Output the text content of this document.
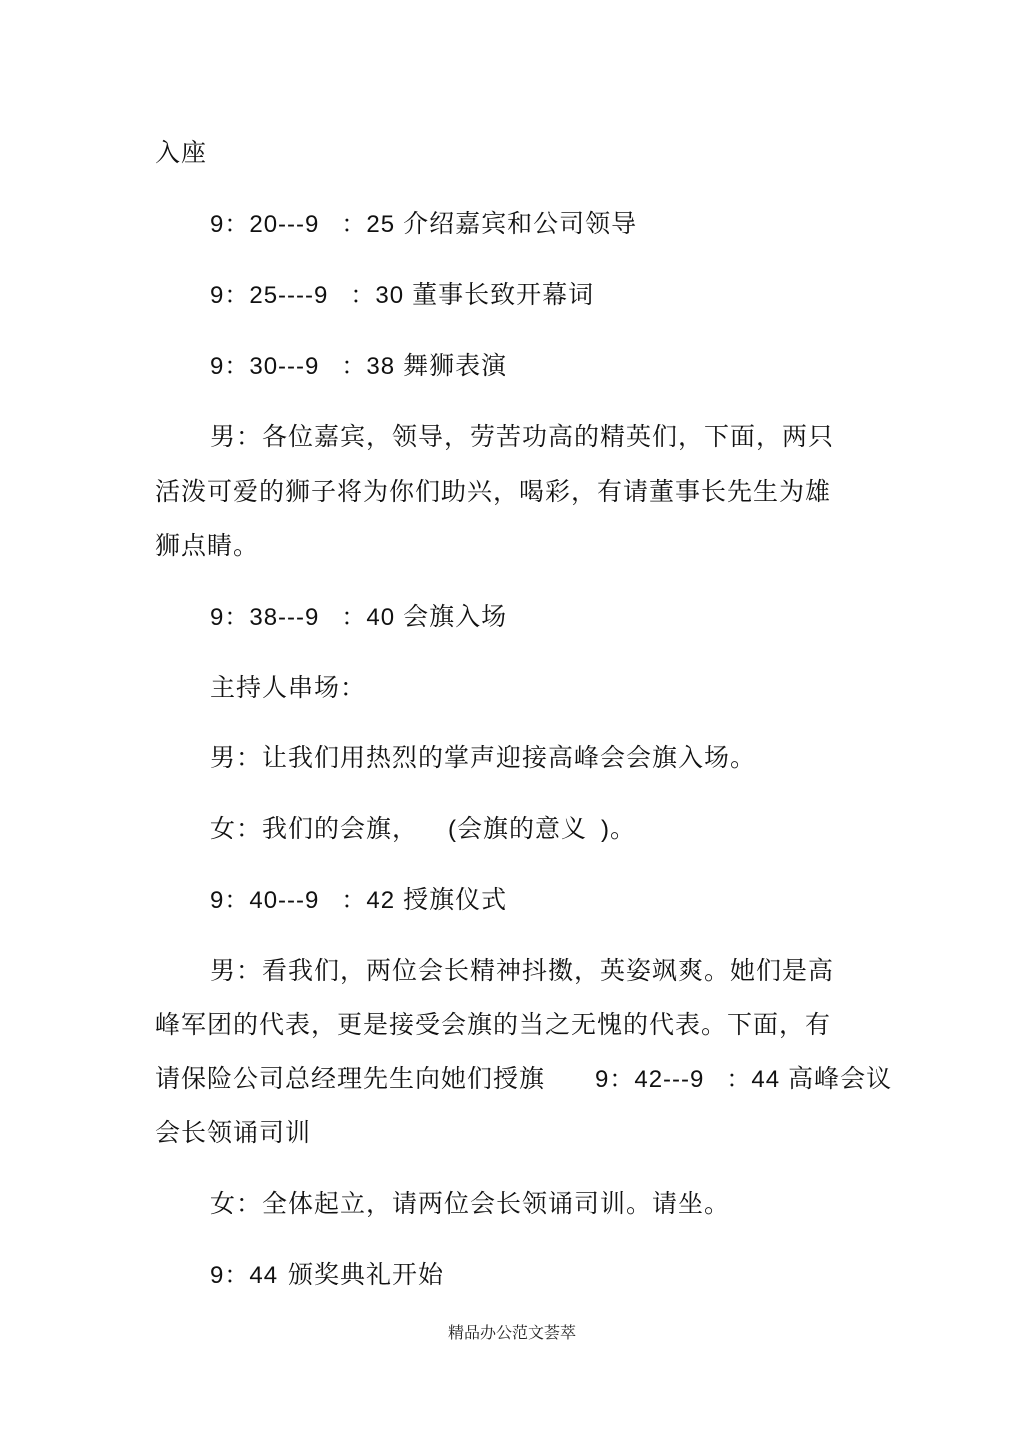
入座
9：20---9 ：25 介绍嘉宾和公司领导
9：25----9 ：30 董事长致开幕词
9：30---9 ：38 舞狮表演
男：各位嘉宾，领导，劳苦功高的精英们，下面，两只
活泼可爱的狮子将为你们助兴，喝彩，有请董事长先生为雄
狮点睛。
9：38---9 ：40 会旗入场
主持人串场：
男：让我们用热烈的掌声迎接高峰会会旗入场。
女：我们的会旗， (会旗的意义 )。
9：40---9 ：42 授旗仪式
男：看我们，两位会长精神抖擞，英姿飒爽。她们是高
峰军团的代表，更是接受会旗的当之无愧的代表。下面，有
请保险公司总经理先生向她们授旗 9：42---9 ：44 高峰会议
会长领诵司训
女：全体起立，请两位会长领诵司训。请坐。
9：44 颁奖典礼开始
精品办公范文荟萃
